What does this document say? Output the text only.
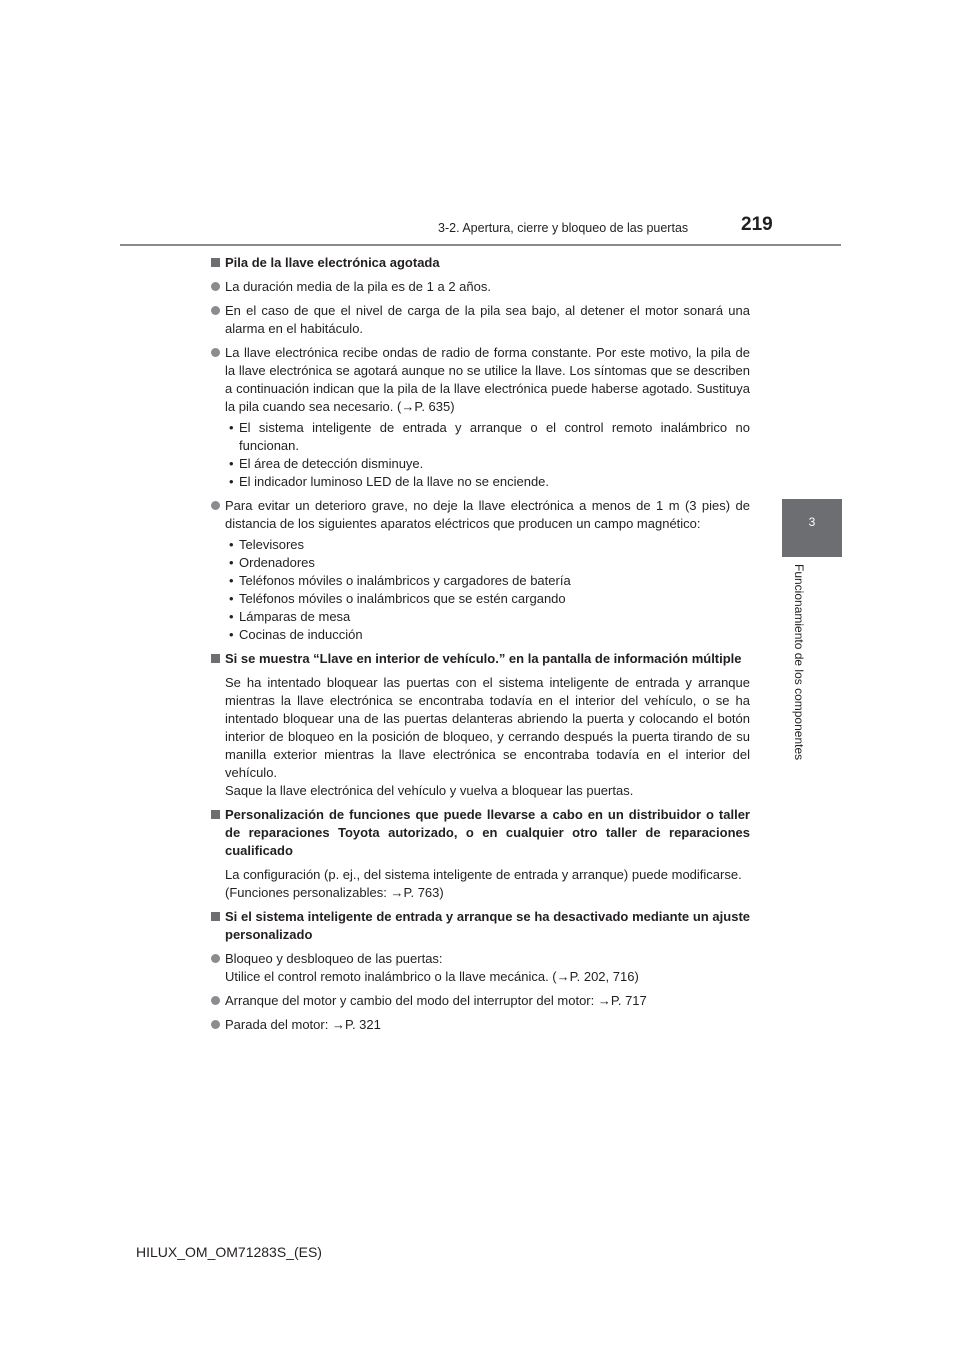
3-2. Apertura, cierre y bloqueo de las puertas	219
3
Funcionamiento de los componentes
Pila de la llave electrónica agotada
La duración media de la pila es de 1 a 2 años.
En el caso de que el nivel de carga de la pila sea bajo, al detener el motor sonará una alarma en el habitáculo.
La llave electrónica recibe ondas de radio de forma constante. Por este motivo, la pila de la llave electrónica se agotará aunque no se utilice la llave. Los síntomas que se describen a continuación indican que la pila de la llave electrónica puede haberse agotado. Sustituya la pila cuando sea necesario. (→P. 635)
• El sistema inteligente de entrada y arranque o el control remoto inalámbrico no funcionan.
• El área de detección disminuye.
• El indicador luminoso LED de la llave no se enciende.
Para evitar un deterioro grave, no deje la llave electrónica a menos de 1 m (3 pies) de distancia de los siguientes aparatos eléctricos que producen un campo magnético:
• Televisores
• Ordenadores
• Teléfonos móviles o inalámbricos y cargadores de batería
• Teléfonos móviles o inalámbricos que se estén cargando
• Lámparas de mesa
• Cocinas de inducción
Si se muestra “Llave en interior de vehículo.” en la pantalla de información múltiple
Se ha intentado bloquear las puertas con el sistema inteligente de entrada y arranque mientras la llave electrónica se encontraba todavía en el interior del vehículo, o se ha intentado bloquear una de las puertas delanteras abriendo la puerta y colocando el botón interior de bloqueo en la posición de bloqueo, y cerrando después la puerta tirando de su manilla exterior mientras la llave electrónica se encontraba todavía en el interior del vehículo.
Saque la llave electrónica del vehículo y vuelva a bloquear las puertas.
Personalización de funciones que puede llevarse a cabo en un distribuidor o taller de reparaciones Toyota autorizado, o en cualquier otro taller de reparaciones cualificado
La configuración (p. ej., del sistema inteligente de entrada y arranque) puede modificarse.
(Funciones personalizables: →P. 763)
Si el sistema inteligente de entrada y arranque se ha desactivado mediante un ajuste personalizado
Bloqueo y desbloqueo de las puertas:
Utilice el control remoto inalámbrico o la llave mecánica. (→P. 202, 716)
Arranque del motor y cambio del modo del interruptor del motor: →P. 717
Parada del motor: →P. 321
HILUX_OM_OM71283S_(ES)
